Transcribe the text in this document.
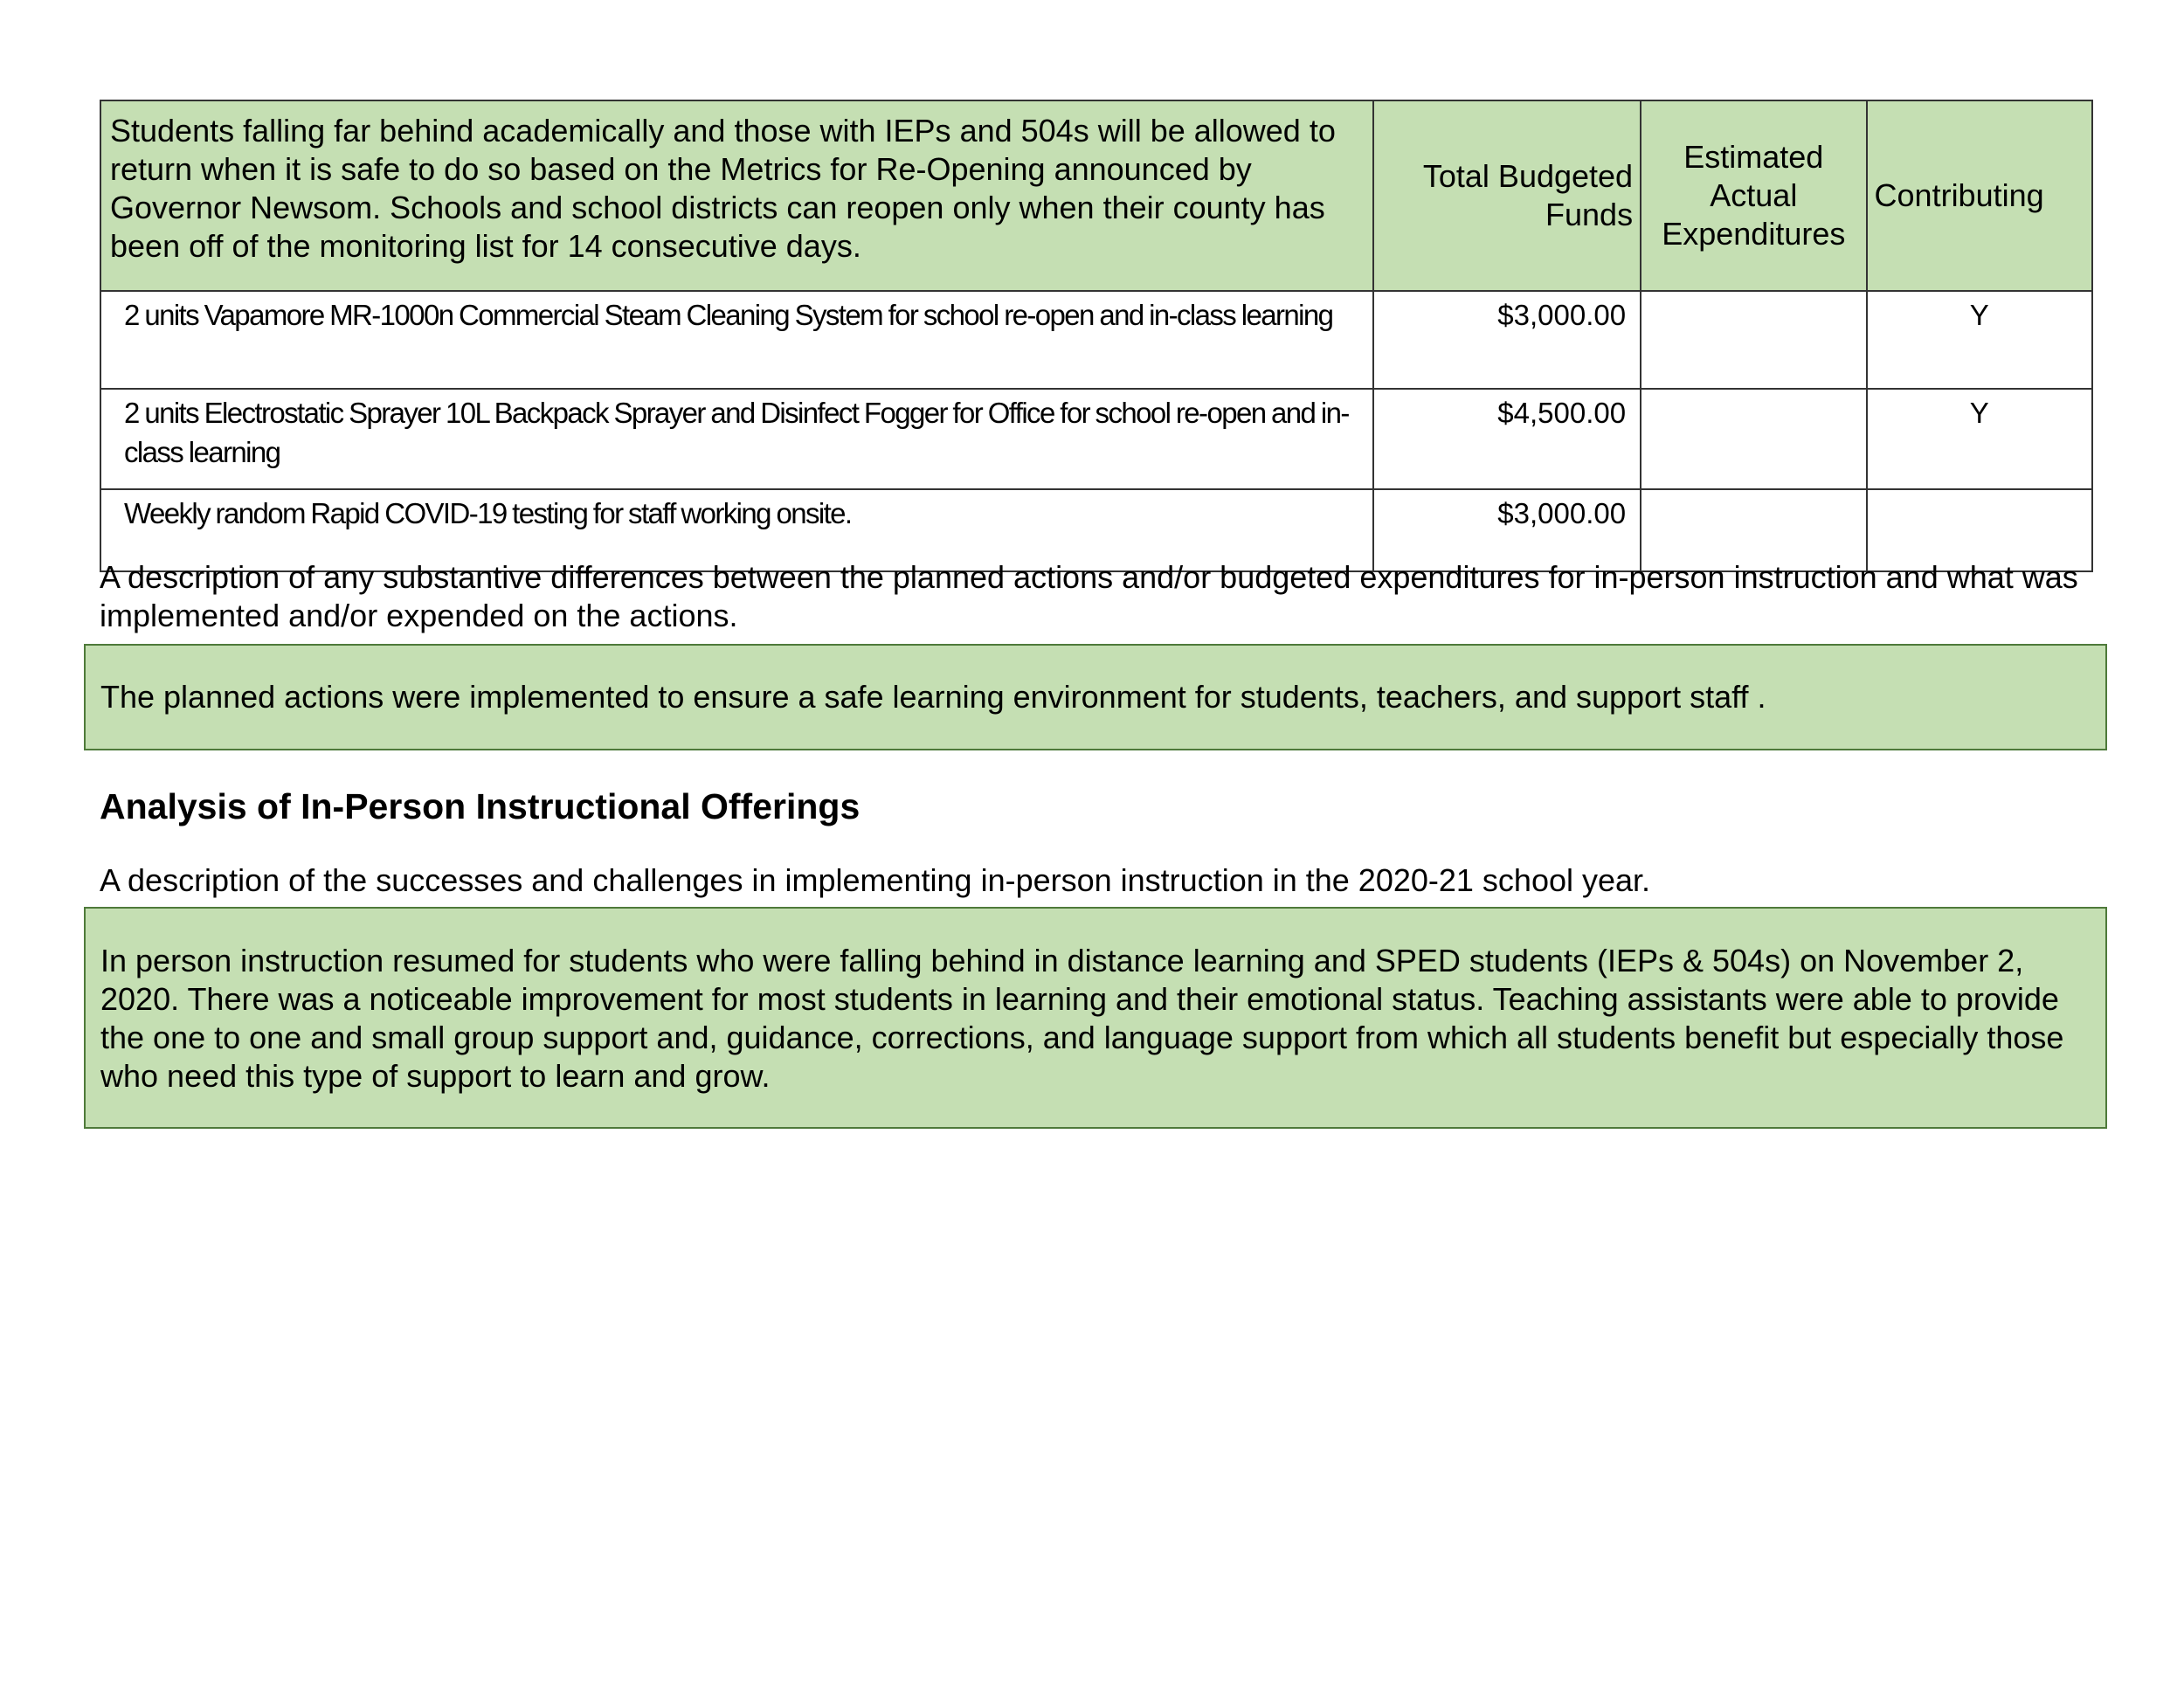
Students falling far behind academically and those with IEPs and 504s will be allowed to return when it is safe to do so based on the Metrics for Re-Opening announced by Governor Newsom. Schools and school districts can reopen only when their county has been off of the monitoring list for 14 consecutive days.	Total Budgeted Funds	Estimated Actual Expenditures	Contributing
2 units Vapamore MR-1000n Commercial Steam Cleaning System for school re-open and in-class learning	$3,000.00		Y
2 units Electrostatic Sprayer 10L Backpack Sprayer and Disinfect Fogger for Office for school re-open and in-class learning	$4,500.00		Y
Weekly random Rapid COVID-19 testing for staff working onsite.	$3,000.00		
A description of any substantive differences between the planned actions and/or budgeted expenditures for in-person instruction and what was implemented and/or expended on the actions.
The planned actions were implemented to ensure a safe learning environment for students, teachers, and support staff .
Analysis of In-Person Instructional Offerings
A description of the successes and challenges in implementing in-person instruction in the 2020-21 school year.
In person instruction resumed for students who were falling behind in distance learning and SPED students (IEPs & 504s) on November 2, 2020. There was a noticeable improvement for most students in learning and their emotional status. Teaching assistants were able to provide the one to one and small group support and, guidance, corrections, and language support from which all students benefit but especially those who need this type of support to learn and grow.
